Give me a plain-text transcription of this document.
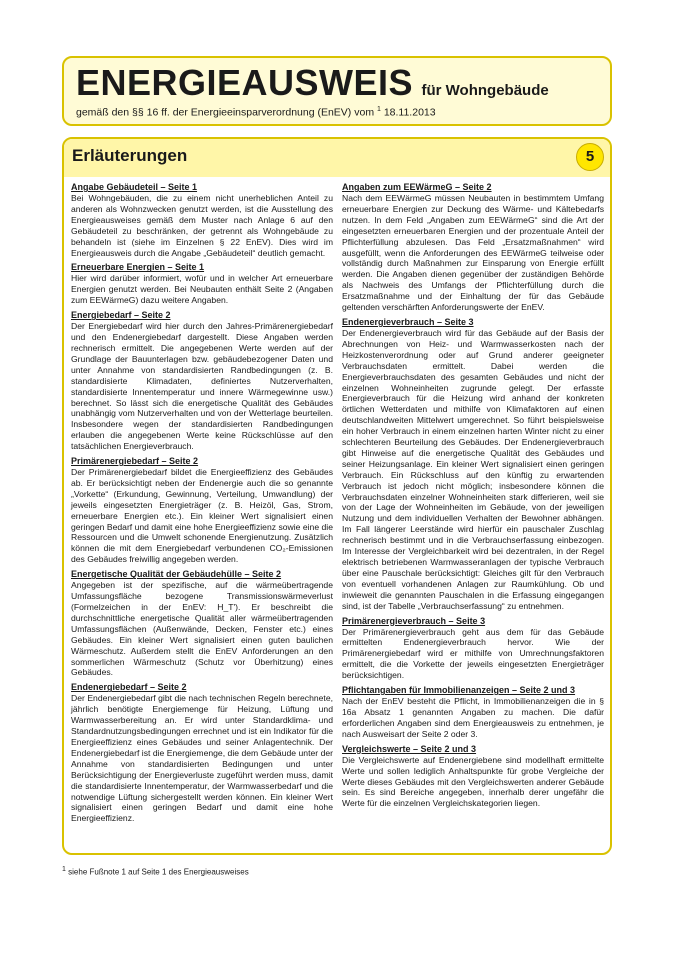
ENERGIEAUSWEIS für Wohngebäude
gemäß den §§ 16 ff. der Energieeinsparverordnung (EnEV) vom $^1$ 18.11.2013
Erläuterungen	5
Angabe Gebäudeteil – Seite 1
Bei Wohngebäuden, die zu einem nicht unerheblichen Anteil zu anderen als Wohnzwecken genutzt werden, ist die Ausstellung des Energieausweises gemäß dem Muster nach Anlage 6 auf den Gebäudeteil zu beschränken, der getrennt als Wohngebäude zu behandeln ist (siehe im Einzelnen § 22 EnEV). Dies wird im Energieausweis durch die Angabe „Gebäudeteil“ deutlich gemacht.
Erneuerbare Energien – Seite 1
Hier wird darüber informiert, wofür und in welcher Art erneuerbare Energien genutzt werden. Bei Neubauten enthält Seite 2 (Angaben zum EEWärmeG) dazu weitere Angaben.
Energiebedarf – Seite 2
Der Energiebedarf wird hier durch den Jahres-Primärenergiebedarf und den Endenergiebedarf dargestellt. Diese Angaben werden rechnerisch ermittelt. Die angegebenen Werte werden auf der Grundlage der Bauunterlagen bzw. gebäudebezogener Daten und unter Annahme von standardisierten Randbedingungen (z. B. standardisierte Klimadaten, definiertes Nutzerverhalten, standardisierte Innentemperatur und innere Wärmegewinne usw.) berechnet. So lässt sich die energetische Qualität des Gebäudes unabhängig vom Nutzerverhalten und von der Wetterlage beurteilen. Insbesondere wegen der standardisierten Randbedingungen erlauben die angegebenen Werte keine Rückschlüsse auf den tatsächlichen Energieverbrauch.
Primärenergiebedarf – Seite 2
Der Primärenergiebedarf bildet die Energieeffizienz des Gebäudes ab. Er berücksichtigt neben der Endenergie auch die so genannte „Vorkette“ (Erkundung, Gewinnung, Verteilung, Umwandlung) der jeweils eingesetzten Energieträger (z. B. Heizöl, Gas, Strom, erneuerbare Energien etc.). Ein kleiner Wert signalisiert einen geringen Bedarf und damit eine hohe Energieeffizienz sowie eine die Ressourcen und die Umwelt schonende Energienutzung. Zusätzlich können die mit dem Energiebedarf verbundenen CO₂-Emissionen des Gebäudes freiwillig angegeben werden.
Energetische Qualität der Gebäudehülle – Seite 2
Angegeben ist der spezifische, auf die wärmeübertragende Umfassungsfläche bezogene Transmissionswärmeverlust (Formelzeichen in der EnEV: H_T'). Er beschreibt die durchschnittliche energetische Qualität aller wärmeübertragenden Umfassungsflächen (Außenwände, Decken, Fenster etc.) eines Gebäudes. Ein kleiner Wert signalisiert einen guten baulichen Wärmeschutz. Außerdem stellt die EnEV Anforderungen an den sommerlichen Wärmeschutz (Schutz vor Überhitzung) eines Gebäudes.
Endenergiebedarf – Seite 2
Der Endenergiebedarf gibt die nach technischen Regeln berechnete, jährlich benötigte Energiemenge für Heizung, Lüftung und Warmwasserbereitung an. Er wird unter Standardklima- und Standardnutzungsbedingungen errechnet und ist ein Indikator für die Energieeffizienz eines Gebäudes und seiner Anlagentechnik. Der Endenergiebedarf ist die Energiemenge, die dem Gebäude unter der Annahme von standardisierten Bedingungen und unter Berücksichtigung der Energieverluste zugeführt werden muss, damit die standardisierte Innentemperatur, der Warmwasserbedarf und die notwendige Lüftung sichergestellt werden können. Ein kleiner Wert signalisiert einen geringen Bedarf und damit eine hohe Energieeffizienz.
Angaben zum EEWärmeG – Seite 2
Nach dem EEWärmeG müssen Neubauten in bestimmtem Umfang erneuerbare Energien zur Deckung des Wärme- und Kältebedarfs nutzen. In dem Feld „Angaben zum EEWärmeG“ sind die Art der eingesetzten erneuerbaren Energien und der prozentuale Anteil der Pflichterfüllung abzulesen. Das Feld „Ersatzmaßnahmen“ wird ausgefüllt, wenn die Anforderungen des EEWärmeG teilweise oder vollständig durch Maßnahmen zur Einsparung von Energie erfüllt werden. Die Angaben dienen gegenüber der zuständigen Behörde als Nachweis des Umfangs der Pflichterfüllung durch die Ersatzmaßnahme und der Einhaltung der für das Gebäude geltenden verschärften Anforderungswerte der EnEV.
Endenergieverbrauch – Seite 3
Der Endenergieverbrauch wird für das Gebäude auf der Basis der Abrechnungen von Heiz- und Warmwasserkosten nach der Heizkostenverordnung oder auf Grund anderer geeigneter Verbrauchsdaten ermittelt. Dabei werden die Energieverbrauchsdaten des gesamten Gebäudes und nicht der einzelnen Wohneinheiten zugrunde gelegt. Der erfasste Energieverbrauch für die Heizung wird anhand der konkreten örtlichen Wetterdaten und mithilfe von Klimafaktoren auf einen deutschlandweiten Mittelwert umgerechnet. So führt beispielsweise ein hoher Verbrauch in einem einzelnen harten Winter nicht zu einer schlechteren Beurteilung des Gebäudes. Der Endenergieverbrauch gibt Hinweise auf die energetische Qualität des Gebäudes und seiner Heizungsanlage. Ein kleiner Wert signalisiert einen geringen Verbrauch. Ein Rückschluss auf den künftig zu erwartenden Verbrauch ist jedoch nicht möglich; insbesondere können die Verbrauchsdaten einzelner Wohneinheiten stark differieren, weil sie von der Lage der Wohneinheiten im Gebäude, von der jeweiligen Nutzung und dem individuellen Verhalten der Bewohner abhängen. Im Fall längerer Leerstände wird hierfür ein pauschaler Zuschlag rechnerisch bestimmt und in die Verbrauchserfassung einbezogen. Im Interesse der Vergleichbarkeit wird bei dezentralen, in der Regel elektrisch betriebenen Warmwasseranlagen der typische Verbrauch über eine Pauschale berücksichtigt: Gleiches gilt für den Verbrauch von eventuell vorhandenen Anlagen zur Raumkühlung. Ob und inwieweit die genannten Pauschalen in die Erfassung eingegangen sind, ist der Tabelle „Verbrauchserfassung“ zu entnehmen.
Primärenergieverbrauch – Seite 3
Der Primärenergieverbrauch geht aus dem für das Gebäude ermittelten Endenergieverbrauch hervor. Wie der Primärenergiebedarf wird er mithilfe von Umrechnungsfaktoren ermittelt, die die Vorkette der jeweils eingesetzten Energieträger berücksichtigen.
Pflichtangaben für Immobilienanzeigen – Seite 2 und 3
Nach der EnEV besteht die Pflicht, in Immobilienanzeigen die in § 16a Absatz 1 genannten Angaben zu machen. Die dafür erforderlichen Angaben sind dem Energieausweis zu entnehmen, je nach Ausweisart der Seite 2 oder 3.
Vergleichswerte – Seite 2 und 3
Die Vergleichswerte auf Endenergiebene sind modellhaft ermittelte Werte und sollen lediglich Anhaltspunkte für grobe Vergleiche der Werte dieses Gebäudes mit den Vergleichswerten anderer Gebäude sein. Es sind Bereiche angegeben, innerhalb derer ungefähr die Werte für die einzelnen Vergleichskategorien liegen.
1 siehe Fußnote 1 auf Seite 1 des Energieausweises
